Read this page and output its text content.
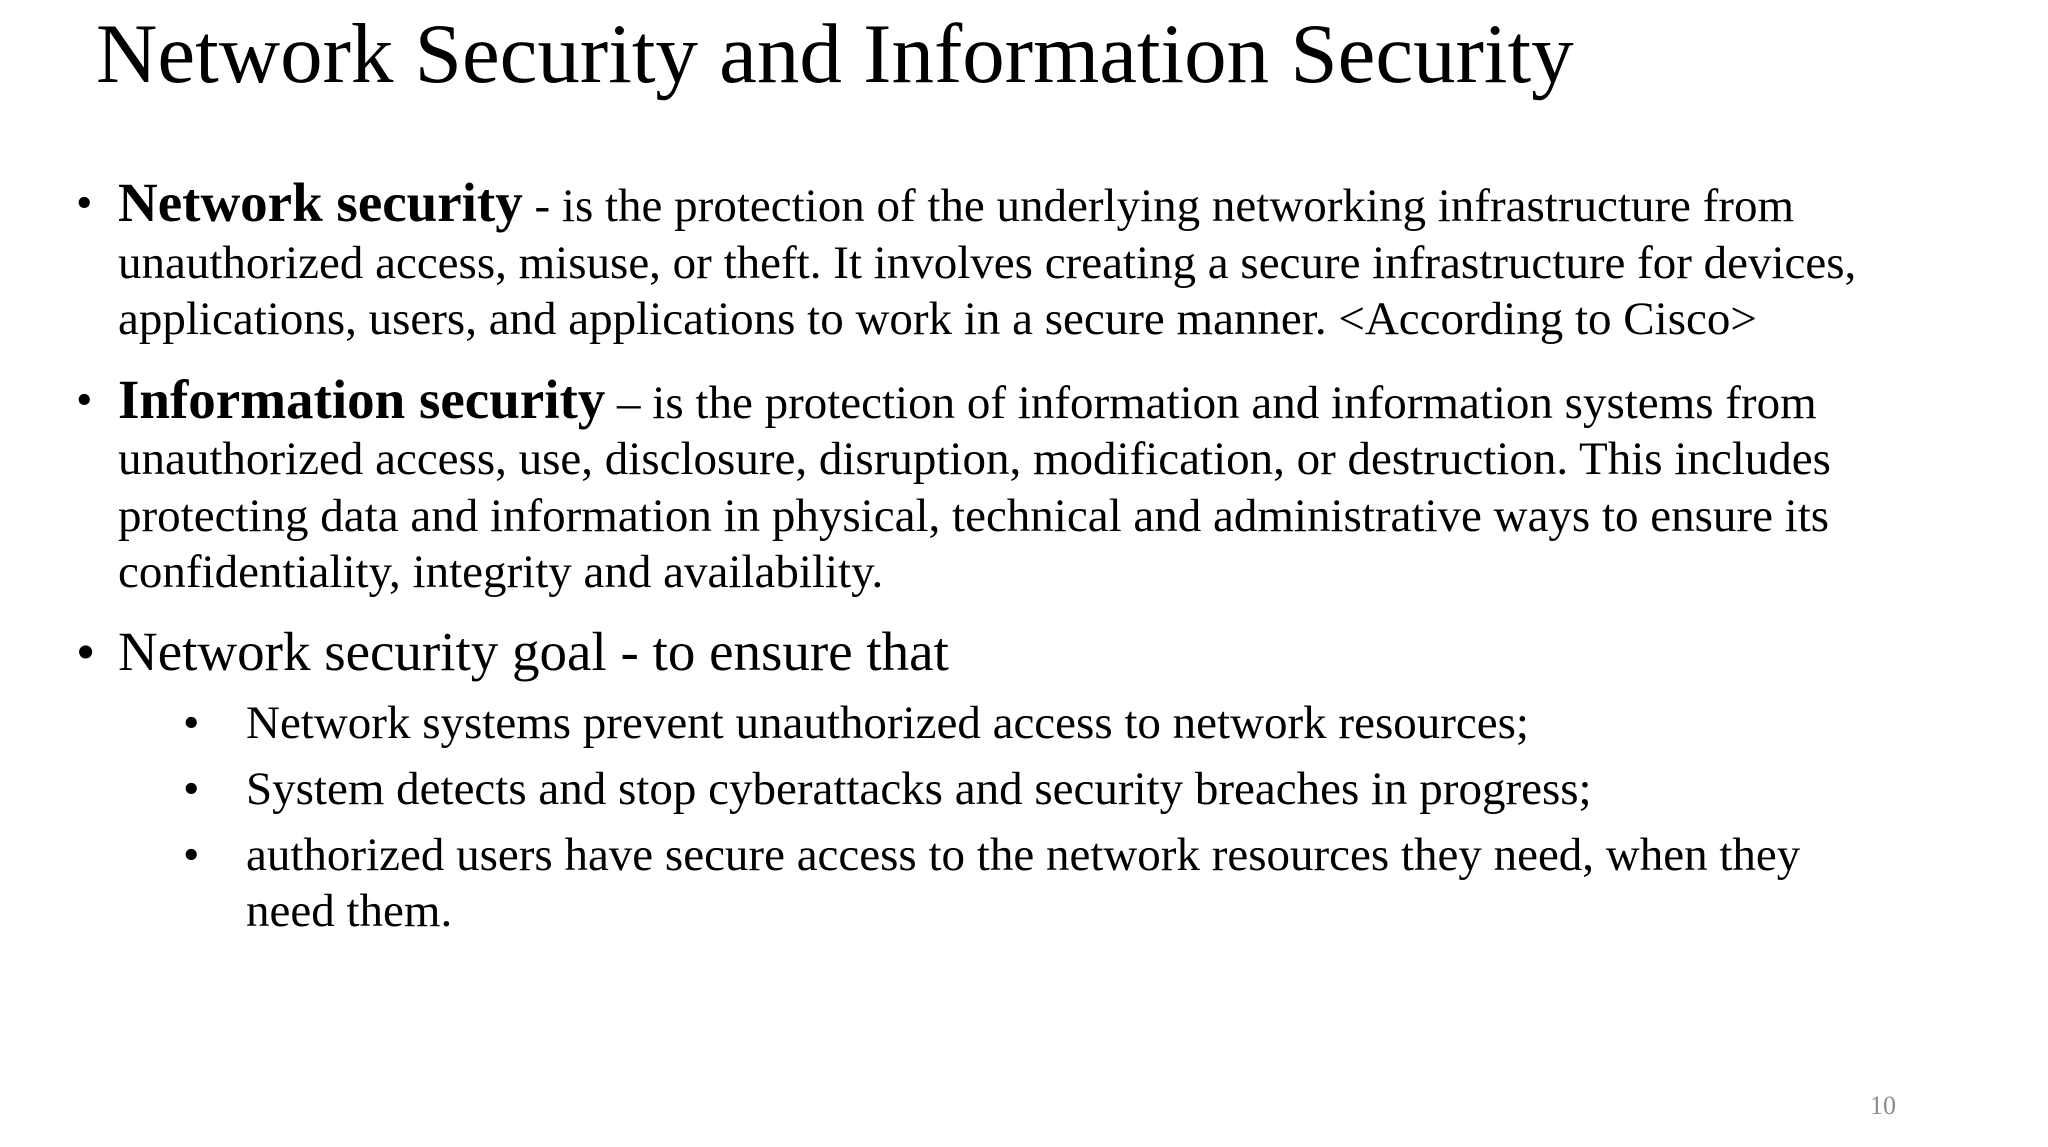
Network Security and Information Security
• Network security - is the protection of the underlying networking infrastructure from unauthorized access, misuse, or theft. It involves creating a secure infrastructure for devices, applications, users, and applications to work in a secure manner. <According to Cisco>
• Information security – is the protection of information and information systems from unauthorized access, use, disclosure, disruption, modification, or destruction. This includes protecting data and information in physical, technical and administrative ways to ensure its confidentiality, integrity and availability.
• Network security goal - to ensure that
• Network systems prevent unauthorized access to network resources;
• System detects and stop cyberattacks and security breaches in progress;
• authorized users have secure access to the network resources they need, when they need them.
10
